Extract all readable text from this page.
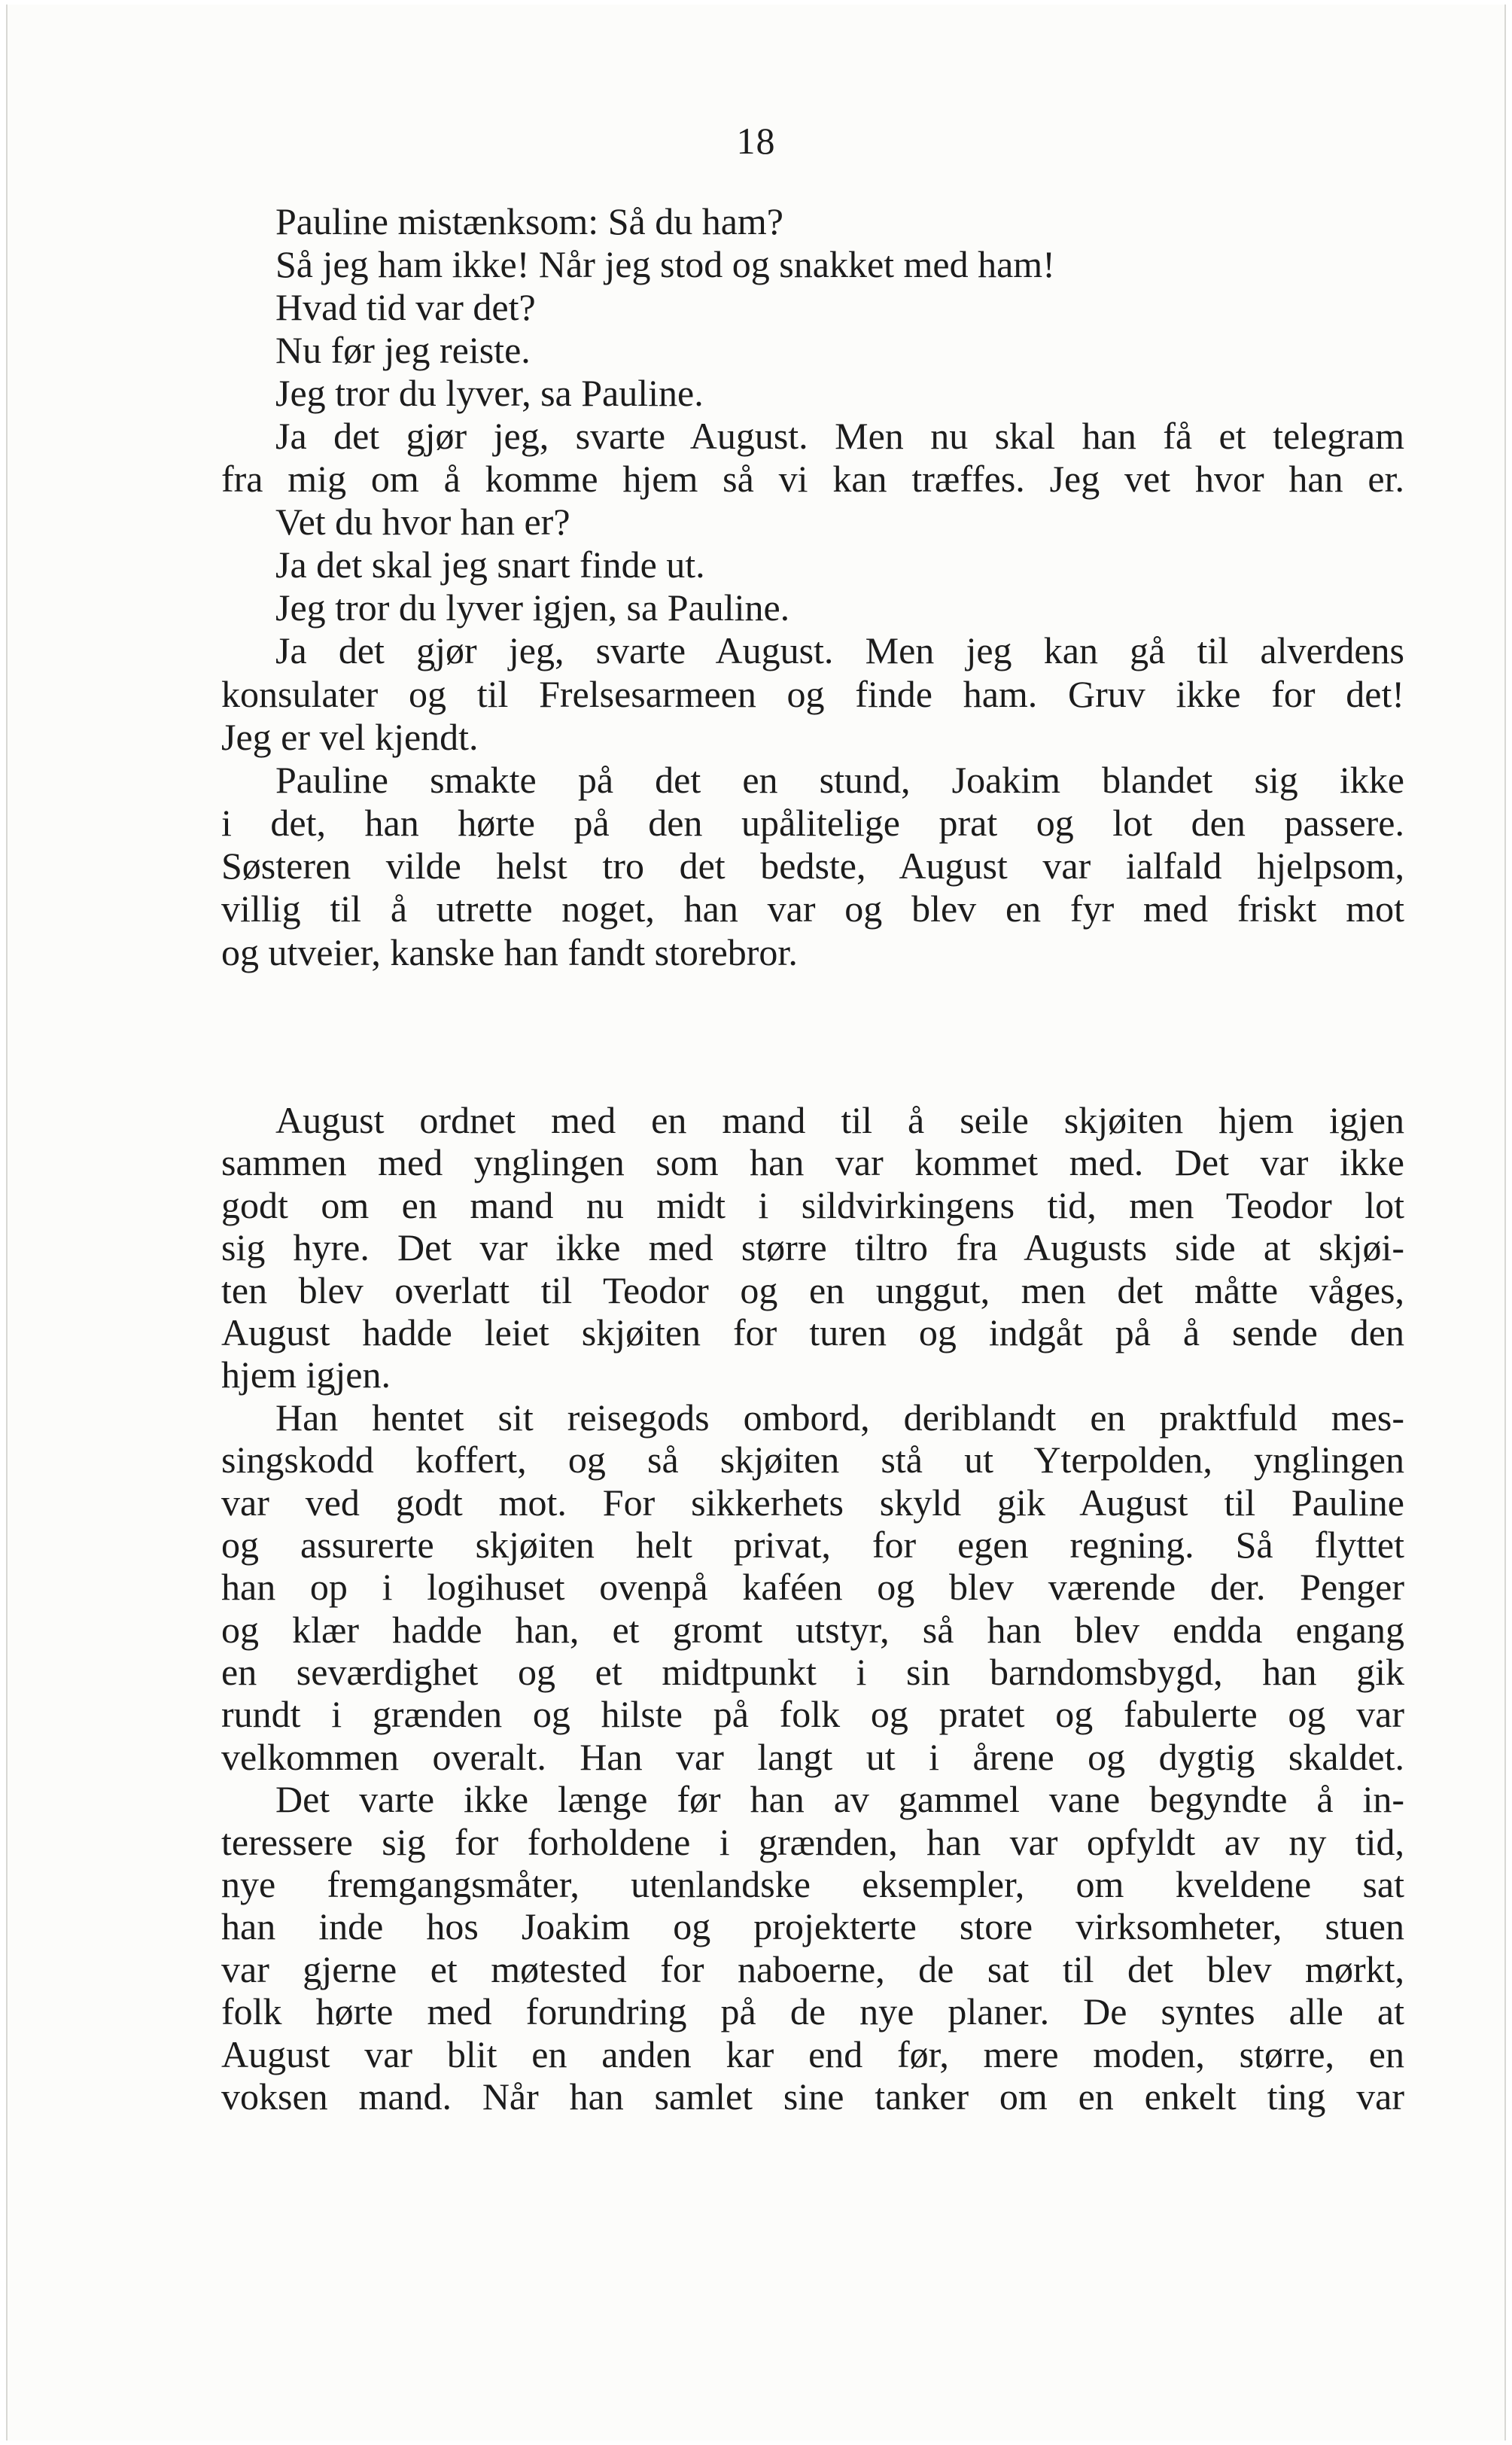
18
Pauline mistænksom: Så du ham?
Så jeg ham ikke! Når jeg stod og snakket med ham!
Hvad tid var det?
Nu før jeg reiste.
Jeg tror du lyver, sa Pauline.
Ja det gjør jeg, svarte August. Men nu skal han få et telegram
fra mig om å komme hjem så vi kan træffes. Jeg vet hvor han er.
Vet du hvor han er?
Ja det skal jeg snart finde ut.
Jeg tror du lyver igjen, sa Pauline.
Ja det gjør jeg, svarte August. Men jeg kan gå til alverdens
konsulater og til Frelsesarmeen og finde ham. Gruv ikke for det!
Jeg er vel kjendt.
Pauline smakte på det en stund, Joakim blandet sig ikke
i det, han hørte på den upålitelige prat og lot den passere.
Søsteren vilde helst tro det bedste, August var ialfald hjelpsom,
villig til å utrette noget, han var og blev en fyr med friskt mot
og utveier, kanske han fandt storebror.
August ordnet med en mand til å seile skjøiten hjem igjen
sammen med ynglingen som han var kommet med. Det var ikke
godt om en mand nu midt i sildvirkingens tid, men Teodor lot
sig hyre. Det var ikke med større tiltro fra Augusts side at skjøi-
ten blev overlatt til Teodor og en unggut, men det måtte våges,
August hadde leiet skjøiten for turen og indgåt på å sende den
hjem igjen.
Han hentet sit reisegods ombord, deriblandt en praktfuld mes-
singskodd koffert, og så skjøiten stå ut Yterpolden, ynglingen
var ved godt mot. For sikkerhets skyld gik August til Pauline
og assurerte skjøiten helt privat, for egen regning. Så flyttet
han op i logihuset ovenpå kaféen og blev værende der. Penger
og klær hadde han, et gromt utstyr, så han blev endda engang
en seværdighet og et midtpunkt i sin barndomsbygd, han gik
rundt i grænden og hilste på folk og pratet og fabulerte og var
velkommen overalt. Han var langt ut i årene og dygtig skaldet.
Det varte ikke længe før han av gammel vane begyndte å in-
teressere sig for forholdene i grænden, han var opfyldt av ny tid,
nye fremgangsmåter, utenlandske eksempler, om kveldene sat
han inde hos Joakim og projekterte store virksomheter, stuen
var gjerne et møtested for naboerne, de sat til det blev mørkt,
folk hørte med forundring på de nye planer. De syntes alle at
August var blit en anden kar end før, mere moden, større, en
voksen mand. Når han samlet sine tanker om en enkelt ting var
